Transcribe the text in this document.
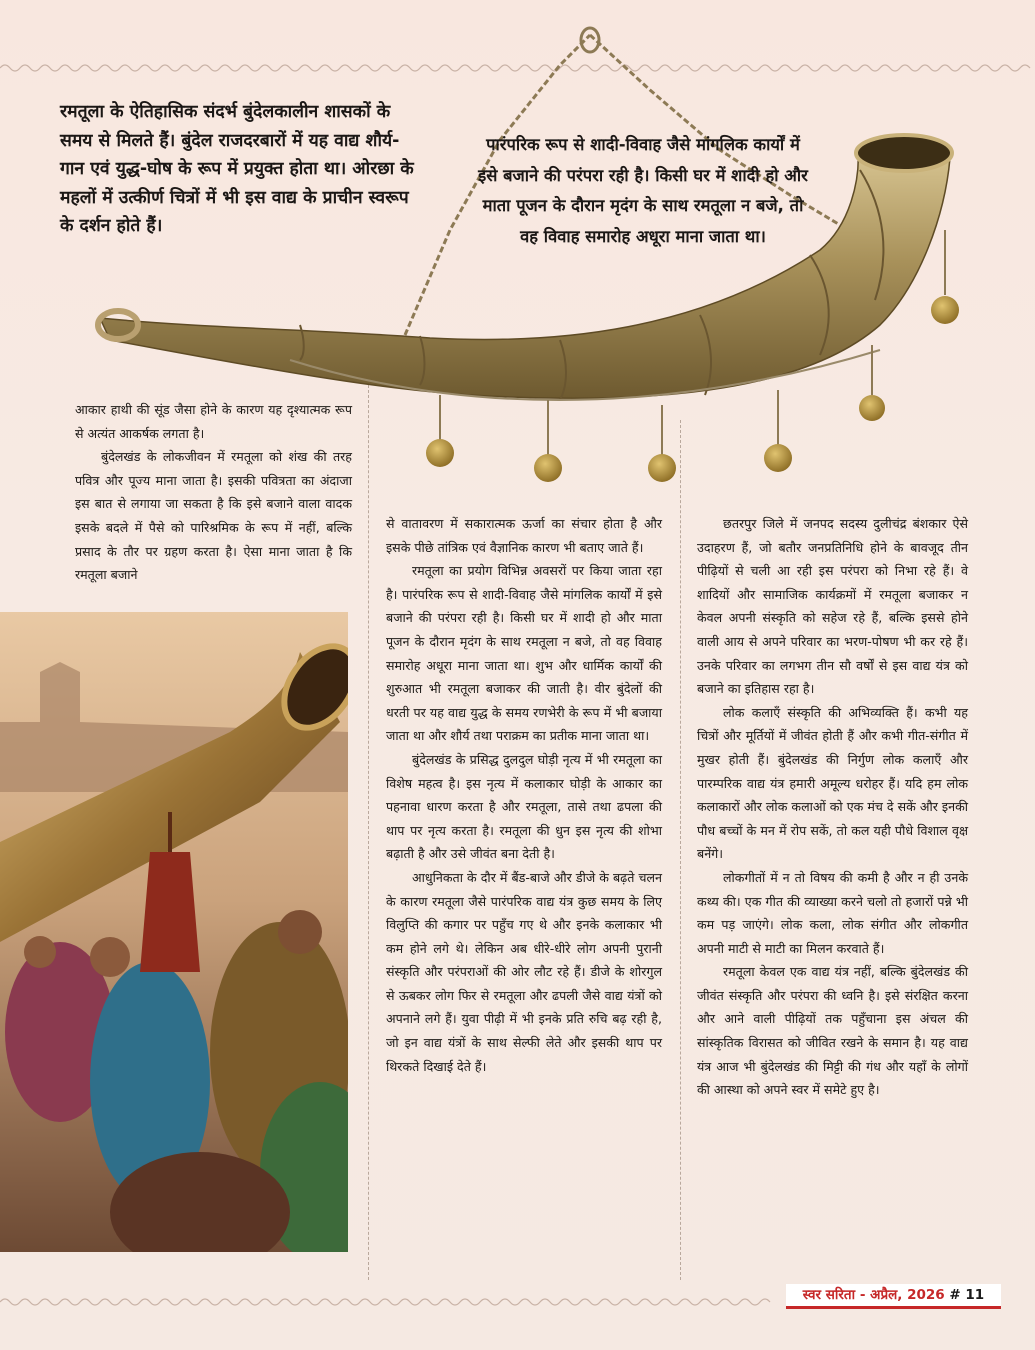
रमतूला के ऐतिहासिक संदर्भ बुंदेलकालीन शासकों के समय से मिलते हैं। बुंदेल राजदरबारों में यह वाद्य शौर्य-गान एवं युद्ध-घोष के रूप में प्रयुक्त होता था। ओरछा के महलों में उत्कीर्ण चित्रों में भी इस वाद्य के प्राचीन स्वरूप के दर्शन होते हैं।
पारंपरिक रूप से शादी-विवाह जैसे मांगलिक कार्यों में इसे बजाने की परंपरा रही है। किसी घर में शादी हो और माता पूजन के दौरान मृदंग के साथ रमतूला न बजे, तो वह विवाह समारोह अधूरा माना जाता था।

आकार हाथी की सूंड जैसा होने के कारण यह दृश्यात्मक रूप से अत्यंत आकर्षक लगता है।

बुंदेलखंड के लोकजीवन में रमतूला को शंख की तरह पवित्र और पूज्य माना जाता है। इसकी पवित्रता का अंदाजा इस बात से लगाया जा सकता है कि इसे बजाने वाला वादक इसके बदले में पैसे को पारिश्रमिक के रूप में नहीं, बल्कि प्रसाद के तौर पर ग्रहण करता है। ऐसा माना जाता है कि रमतूला बजाने

से वातावरण में सकारात्मक ऊर्जा का संचार होता है और इसके पीछे तांत्रिक एवं वैज्ञानिक कारण भी बताए जाते हैं।

रमतूला का प्रयोग विभिन्न अवसरों पर किया जाता रहा है। पारंपरिक रूप से शादी-विवाह जैसे मांगलिक कार्यों में इसे बजाने की परंपरा रही है। किसी घर में शादी हो और माता पूजन के दौरान मृदंग के साथ रमतूला न बजे, तो वह विवाह समारोह अधूरा माना जाता था। शुभ और धार्मिक कार्यों की शुरुआत भी रमतूला बजाकर की जाती है। वीर बुंदेलों की धरती पर यह वाद्य युद्ध के समय रणभेरी के रूप में भी बजाया जाता था और शौर्य तथा पराक्रम का प्रतीक माना जाता था।

बुंदेलखंड के प्रसिद्ध दुलदुल घोड़ी नृत्य में भी रमतूला का विशेष महत्व है। इस नृत्य में कलाकार घोड़ी के आकार का पहनावा धारण करता है और रमतूला, तासे तथा ढपला की थाप पर नृत्य करता है। रमतूला की धुन इस नृत्य की शोभा बढ़ाती है और उसे जीवंत बना देती है।

आधुनिकता के दौर में बैंड-बाजे और डीजे के बढ़ते चलन के कारण रमतूला जैसे पारंपरिक वाद्य यंत्र कुछ समय के लिए विलुप्ति की कगार पर पहुँच गए थे और इनके कलाकार भी कम होने लगे थे। लेकिन अब धीरे-धीरे लोग अपनी पुरानी संस्कृति और परंपराओं की ओर लौट रहे हैं। डीजे के शोरगुल से ऊबकर लोग फिर से रमतूला और ढपली जैसे वाद्य यंत्रों को अपनाने लगे हैं। युवा पीढ़ी में भी इनके प्रति रुचि बढ़ रही है, जो इन वाद्य यंत्रों के साथ सेल्फी लेते और इसकी थाप पर थिरकते दिखाई देते हैं।

छतरपुर जिले में जनपद सदस्य दुलीचंद्र बंशकार ऐसे उदाहरण हैं, जो बतौर जनप्रतिनिधि होने के बावजूद तीन पीढ़ियों से चली आ रही इस परंपरा को निभा रहे हैं। वे शादियों और सामाजिक कार्यक्रमों में रमतूला बजाकर न केवल अपनी संस्कृति को सहेज रहे हैं, बल्कि इससे होने वाली आय से अपने परिवार का भरण-पोषण भी कर रहे हैं। उनके परिवार का लगभग तीन सौ वर्षों से इस वाद्य यंत्र को बजाने का इतिहास रहा है।

लोक कलाएँ संस्कृति की अभिव्यक्ति हैं। कभी यह चित्रों और मूर्तियों में जीवंत होती हैं और कभी गीत-संगीत में मुखर होती हैं। बुंदेलखंड की निर्गुण लोक कलाएँ और पारम्परिक वाद्य यंत्र हमारी अमूल्य धरोहर हैं। यदि हम लोक कलाकारों और लोक कलाओं को एक मंच दे सकें और इनकी पौध बच्चों के मन में रोप सकें, तो कल यही पौधे विशाल वृक्ष बनेंगे।

लोकगीतों में न तो विषय की कमी है और न ही उनके कथ्य की। एक गीत की व्याख्या करने चलो तो हजारों पन्ने भी कम पड़ जाएंगे। लोक कला, लोक संगीत और लोकगीत अपनी माटी से माटी का मिलन करवाते हैं।

रमतूला केवल एक वाद्य यंत्र नहीं, बल्कि बुंदेलखंड की जीवंत संस्कृति और परंपरा की ध्वनि है। इसे संरक्षित करना और आने वाली पीढ़ियों तक पहुँचाना इस अंचल की सांस्कृतिक विरासत को जीवित रखने के समान है। यह वाद्य यंत्र आज भी बुंदेलखंड की मिट्टी की गंध और यहाँ के लोगों की आस्था को अपने स्वर में समेटे हुए है।

स्वर सरिता - अप्रैल, 2026 # 11
